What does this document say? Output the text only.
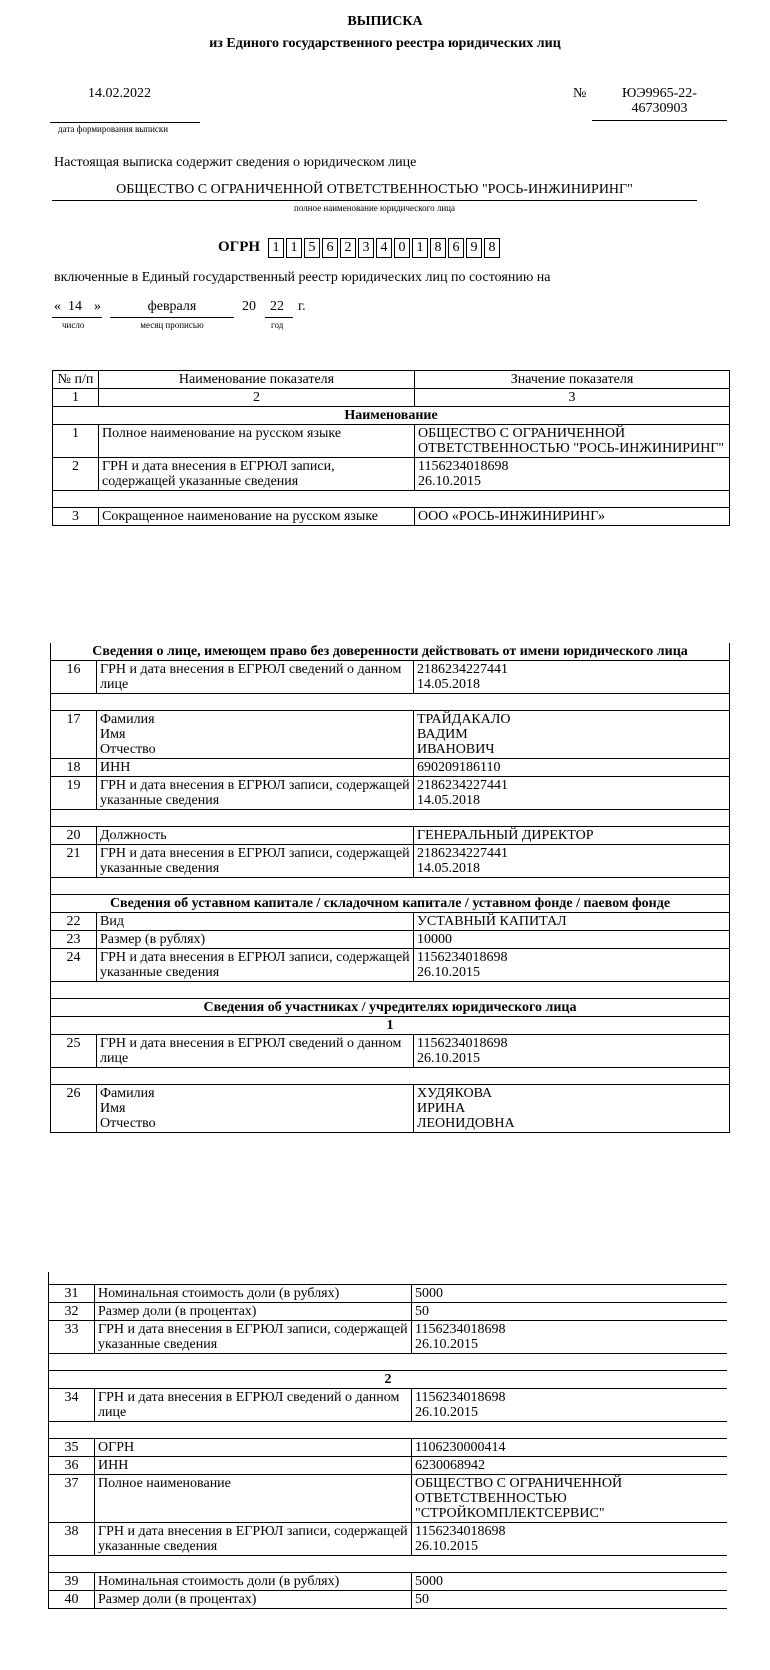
ВЫПИСКА
из Единого государственного реестра юридических лиц
14.02.2022
дата формирования выписки
№	ЮЭ9965-22-
46730903
Настоящая выписка содержит сведения о юридическом лице
ОБЩЕСТВО С ОГРАНИЧЕННОЙ ОТВЕТСТВЕННОСТЬЮ "РОСЬ-ИНЖИНИРИНГ"
полное наименование юридического лица
ОГРН 1 1 5 6 2 3 4 0 1 8 6 9 8
включенные в Единый государственный реестр юридических лиц по состоянию на
« 14 »
число
февраля
месяц прописью
20 22
год
г.
№ п/п	Наименование показателя	Значение показателя
1	2	3
Наименование		
1	Полное наименование на русском языке	ОБЩЕСТВО С ОГРАНИЧЕННОЙ ОТВЕТСТВЕННОСТЬЮ "РОСЬ-ИНЖИНИРИНГ"
2	ГРН и дата внесения в ЕГРЮЛ записи, содержащей указанные сведения	1156234018698
26.10.2015

3	Сокращенное наименование на русском языке	ООО «РОСЬ-ИНЖИНИРИНГ»
Сведения о лице, имеющем право без доверенности действовать от имени юридического лица		
16	ГРН и дата внесения в ЕГРЮЛ сведений о данном лице	2186234227441
14.05.2018

17	Фамилия
Имя
Отчество	ТРАЙДАКАЛО
ВАДИМ
ИВАНОВИЧ
18	ИНН	690209186110
19	ГРН и дата внесения в ЕГРЮЛ записи, содержащей указанные сведения	2186234227441
14.05.2018

20	Должность	ГЕНЕРАЛЬНЫЙ ДИРЕКТОР
21	ГРН и дата внесения в ЕГРЮЛ записи, содержащей указанные сведения	2186234227441
14.05.2018

Сведения об уставном капитале / складочном капитале / уставном фонде / паевом фонде		
22	Вид	УСТАВНЫЙ КАПИТАЛ
23	Размер (в рублях)	10000
24	ГРН и дата внесения в ЕГРЮЛ записи, содержащей указанные сведения	1156234018698
26.10.2015

Сведения об участниках / учредителях юридического лица		
1		
25	ГРН и дата внесения в ЕГРЮЛ сведений о данном лице	1156234018698
26.10.2015

26	Фамилия
Имя
Отчество	ХУДЯКОВА
ИРИНА
ЛЕОНИДОВНА

31	Номинальная стоимость доли (в рублях)	5000
32	Размер доли (в процентах)	50
33	ГРН и дата внесения в ЕГРЮЛ записи, содержащей указанные сведения	1156234018698
26.10.2015

2		
34	ГРН и дата внесения в ЕГРЮЛ сведений о данном лице	1156234018698
26.10.2015

35	ОГРН	1106230000414
36	ИНН	6230068942
37	Полное наименование	ОБЩЕСТВО С ОГРАНИЧЕННОЙ ОТВЕТСТВЕННОСТЬЮ "СТРОЙКОМПЛЕКТСЕРВИС"
38	ГРН и дата внесения в ЕГРЮЛ записи, содержащей указанные сведения	1156234018698
26.10.2015

39	Номинальная стоимость доли (в рублях)	5000
40	Размер доли (в процентах)	50
